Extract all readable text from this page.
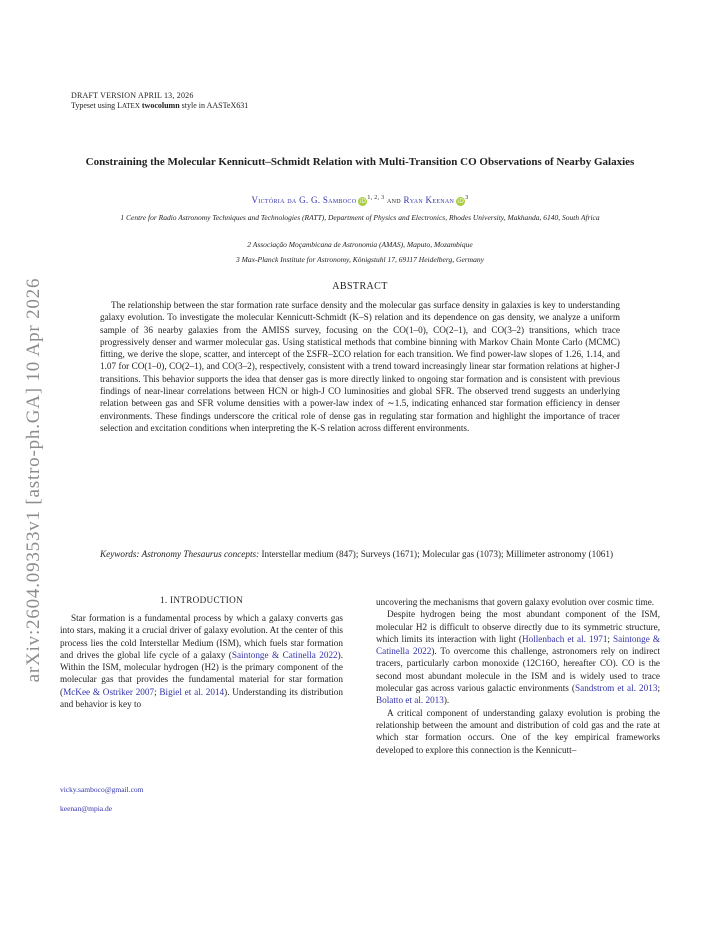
arXiv:2604.09353v1 [astro-ph.GA] 10 Apr 2026
DRAFT VERSION APRIL 13, 2026
Typeset using LATEX twocolumn style in AASTeX631
Constraining the Molecular Kennicutt–Schmidt Relation with Multi-Transition CO Observations of Nearby Galaxies
Victória da G. G. Samboco iD$^{1, 2, 3}$ and Ryan Keenan $iD^3$
1 Centre for Radio Astronomy Techniques and Technologies (RATT), Department of Physics and Electronics, Rhodes University, Makhanda, 6140, South Africa
2 Associação Moçambicana de Astronomia (AMAS), Maputo, Mozambique
3 Max-Planck Institute for Astronomy, Königstuhl 17, 69117 Heidelberg, Germany
ABSTRACT
The relationship between the star formation rate surface density and the molecular gas surface density in galaxies is key to understanding galaxy evolution. To investigate the molecular Kennicutt-Schmidt (K–S) relation and its dependence on gas density, we analyze a uniform sample of 36 nearby galaxies from the AMISS survey, focusing on the CO(1–0), CO(2–1), and CO(3–2) transitions, which trace progressively denser and warmer molecular gas. Using statistical methods that combine binning with Markov Chain Monte Carlo (MCMC) fitting, we derive the slope, scatter, and intercept of the ΣSFR–ΣCO relation for each transition. We find power-law slopes of 1.26, 1.14, and 1.07 for CO(1–0), CO(2–1), and CO(3–2), respectively, consistent with a trend toward increasingly linear star formation relations at higher-J transitions. This behavior supports the idea that denser gas is more directly linked to ongoing star formation and is consistent with previous findings of near-linear correlations between HCN or high-J CO luminosities and global SFR. The observed trend suggests an underlying relation between gas and SFR volume densities with a power-law index of ∼1.5, indicating enhanced star formation efficiency in denser environments. These findings underscore the critical role of dense gas in regulating star formation and highlight the importance of tracer selection and excitation conditions when interpreting the K-S relation across different environments.
Keywords: Astronomy Thesaurus concepts: Interstellar medium (847); Surveys (1671); Molecular gas (1073); Millimeter astronomy (1061)
1. INTRODUCTION

Star formation is a fundamental process by which a galaxy converts gas into stars, making it a crucial driver of galaxy evolution. At the center of this process lies the cold Interstellar Medium (ISM), which fuels star formation and drives the global life cycle of a galaxy (Saintonge & Catinella 2022). Within the ISM, molecular hydrogen (H2) is the primary component of the molecular gas that provides the fundamental material for star formation (McKee & Ostriker 2007; Bigiel et al. 2014). Understanding its distribution and behavior is key to

vicky.samboco@gmail.com
keenan@mpia.de

uncovering the mechanisms that govern galaxy evolution over cosmic time.

Despite hydrogen being the most abundant component of the ISM, molecular H2 is difficult to observe directly due to its symmetric structure, which limits its interaction with light (Hollenbach et al. 1971; Saintonge & Catinella 2022). To overcome this challenge, astronomers rely on indirect tracers, particularly carbon monoxide (12C16O, hereafter CO). CO is the second most abundant molecule in the ISM and is widely used to trace molecular gas across various galactic environments (Sandstrom et al. 2013; Bolatto et al. 2013).

A critical component of understanding galaxy evolution is probing the relationship between the amount and distribution of cold gas and the rate at which star formation occurs. One of the key empirical frameworks developed to explore this connection is the Kennicutt–
